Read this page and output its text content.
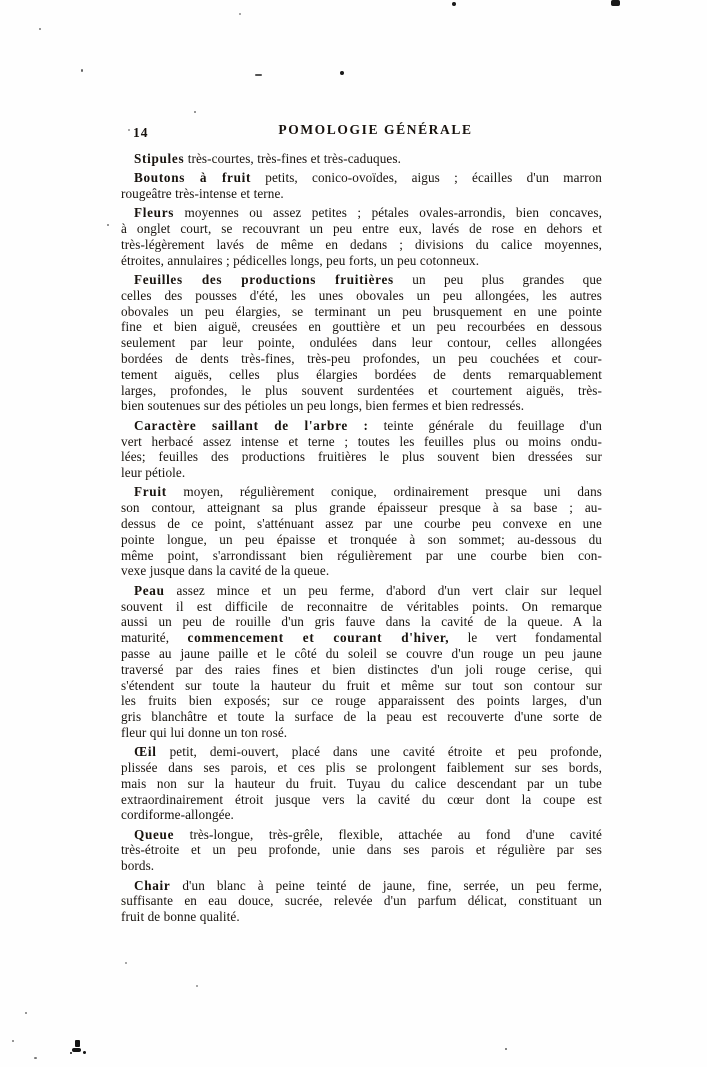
14	POMOLOGIE GÉNÉRALE
Stipules très-courtes, très-fines et très-caduques.
Boutons à fruit petits, conico-ovoïdes, aigus ; écailles d'un marron
rougeâtre très-intense et terne.
Fleurs moyennes ou assez petites ; pétales ovales-arrondis, bien concaves,
à onglet court, se recouvrant un peu entre eux, lavés de rose en dehors et
très-légèrement lavés de même en dedans ; divisions du calice moyennes,
étroites, annulaires ; pédicelles longs, peu forts, un peu cotonneux.
Feuilles des productions fruitières un peu plus grandes que
celles des pousses d'été, les unes obovales un peu allongées, les autres
obovales un peu élargies, se terminant un peu brusquement en une pointe
fine et bien aiguë, creusées en gouttière et un peu recourbées en dessous
seulement par leur pointe, ondulées dans leur contour, celles allongées
bordées de dents très-fines, très-peu profondes, un peu couchées et cour-
tement aiguës, celles plus élargies bordées de dents remarquablement
larges, profondes, le plus souvent surdentées et courtement aiguës, très-
bien soutenues sur des pétioles un peu longs, bien fermes et bien redressés.
Caractère saillant de l'arbre : teinte générale du feuillage d'un
vert herbacé assez intense et terne ; toutes les feuilles plus ou moins ondu-
lées; feuilles des productions fruitières le plus souvent bien dressées sur
leur pétiole.
Fruit moyen, régulièrement conique, ordinairement presque uni dans
son contour, atteignant sa plus grande épaisseur presque à sa base ; au-
dessus de ce point, s'atténuant assez par une courbe peu convexe en une
pointe longue, un peu épaisse et tronquée à son sommet; au-dessous du
même point, s'arrondissant bien régulièrement par une courbe bien con-
vexe jusque dans la cavité de la queue.
Peau assez mince et un peu ferme, d'abord d'un vert clair sur lequel
souvent il est difficile de reconnaitre de véritables points. On remarque
aussi un peu de rouille d'un gris fauve dans la cavité de la queue. A la
maturité, commencement et courant d'hiver, le vert fondamental
passe au jaune paille et le côté du soleil se couvre d'un rouge un peu jaune
traversé par des raies fines et bien distinctes d'un joli rouge cerise, qui
s'étendent sur toute la hauteur du fruit et même sur tout son contour sur
les fruits bien exposés; sur ce rouge apparaissent des points larges, d'un
gris blanchâtre et toute la surface de la peau est recouverte d'une sorte de
fleur qui lui donne un ton rosé.
Œil petit, demi-ouvert, placé dans une cavité étroite et peu profonde,
plissée dans ses parois, et ces plis se prolongent faiblement sur ses bords,
mais non sur la hauteur du fruit. Tuyau du calice descendant par un tube
extraordinairement étroit jusque vers la cavité du cœur dont la coupe est
cordiforme-allongée.
Queue très-longue, très-grêle, flexible, attachée au fond d'une cavité
très-étroite et un peu profonde, unie dans ses parois et régulière par ses
bords.
Chair d'un blanc à peine teinté de jaune, fine, serrée, un peu ferme,
suffisante en eau douce, sucrée, relevée d'un parfum délicat, constituant un
fruit de bonne qualité.
